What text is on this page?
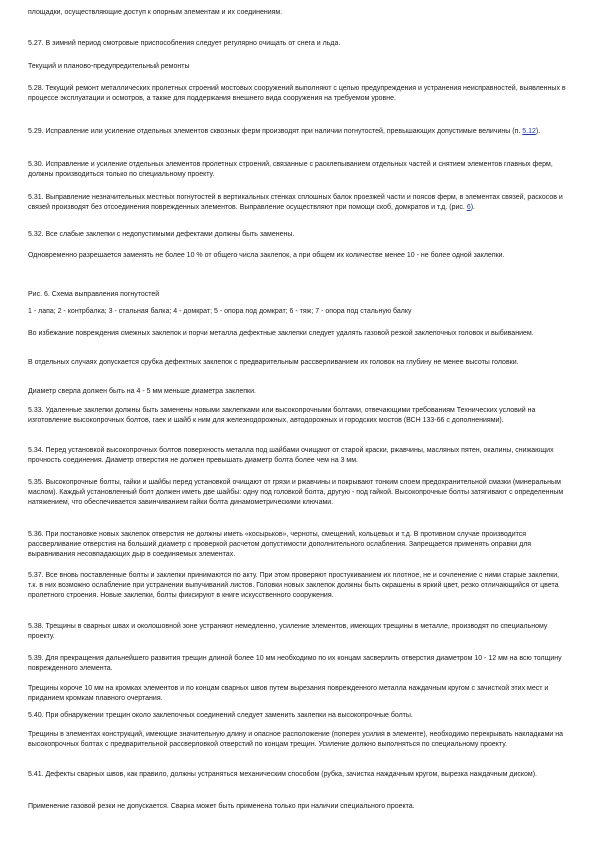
площадки, осуществляющие доступ к опорным элементам и их соединениям.

5.27. В зимний период смотровые приспособления следует регулярно очищать от снега и льда.

Текущий и планово-предупредительный ремонты

5.28. Текущий ремонт металлических пролетных строений мостовых сооружений выполняют с целью предупреждения и устранения неисправностей, выявленных в процессе эксплуатации и осмотров, а также для поддержания внешнего вида сооружения на требуемом уровне.

5.29. Исправление или усиление отдельных элементов сквозных ферм производят при наличии погнутостей, превышающих допустимые величины (п. 5.12).

5.30. Исправление и усиление отдельных элементов пролетных строений, связанные с расклепыванием отдельных частей и снятием элементов главных ферм, должны производиться только по специальному проекту.

5.31. Выправление незначительных местных погнутостей в вертикальных стенках сплошных балок проезжей части и поясов ферм, в элементах связей, раскосов и связей производят без отсоединения поврежденных элементов. Выправление осуществляют при помощи скоб, домкратов и т.д. (рис. 6).

5.32. Все слабые заклепки с недопустимыми дефектами должны быть заменены.

Одновременно разрешается заменять не более 10 % от общего числа заклепок, а при общем их количестве менее 10 - не более одной заклепки.

Рис. 6. Схема выправления погнутостей

1 - лапа; 2 - контрбалка; 3 - стальная балка; 4 - домкрат; 5 - опора под домкрат; 6 - тяж; 7 - опора под стальную балку

Во избежание повреждения смежных заклепок и порчи металла дефектные заклепки следует удалять газовой резкой заклепочных головок и выбиванием.

В отдельных случаях допускается срубка дефектных заклепок с предварительным рассверливанием их головок на глубину не менее высоты головки.

Диаметр сверла должен быть на 4 - 5 мм меньше диаметра заклепки.

5.33. Удаленные заклепки должны быть заменены новыми заклепками или высокопрочными болтами, отвечающими требованиям Технических условий на изготовление высокопрочных болтов, гаек и шайб к ним для железнодорожных, автодорожных и городских мостов (ВСН 133-66 с дополнениями).

5.34. Перед установкой высокопрочных болтов поверхность металла под шайбами очищают от старой краски, ржавчины, масляных пятен, окалины, снижающих прочность соединения. Диаметр отверстия не должен превышать диаметр болта более чем на 3 мм.

5.35. Высокопрочные болты, гайки и шайбы перед установкой очищают от грязи и ржавчины и покрывают тонким слоем предохранительной смазки (минеральным маслом). Каждый установленный болт должен иметь две шайбы: одну под головкой болта, другую - под гайкой. Высокопрочные болты затягивают с определенным натяжением, что обеспечивается завинчиванием гайки болта динамометрическими ключами.

5.36. При постановке новых заклепок отверстия не должны иметь «косырьков», черноты, смещений, кольцевых и т.д. В противном случае производится рассверливание отверстия на больший диаметр с проверкой расчетом допустимости дополнительного ослабления. Запрещается применять оправки для выравнивания несовпадающих дыр в соединяемых элементах.

5.37. Все вновь поставленные болты и заклепки принимаются по акту. При этом проверяют простукиванием их плотное, не и сочленение с ними старые заклепки, т.к. в них возможно ослабление при устранении выпучиваний листов. Головки новых заклепок должны быть окрашены в яркий цвет, резко отличающийся от цвета пролетного строения. Новые заклепки, болты фиксируют в книге искусственного сооружения.

5.38. Трещины в сварных швах и околошовной зоне устраняют немедленно, усиление элементов, имеющих трещины в металле, производят по специальному проекту.

5.39. Для прекращения дальнейшего развития трещин длиной более 10 мм необходимо по их концам засверлить отверстия диаметром 10 - 12 мм на всю толщину поврежденного элемента.

Трещины короче 10 мм на кромках элементов и по концам сварных швов путем вырезания поврежденного металла наждачным кругом с зачисткой этих мест и приданием кромкам плавного очертания.

5.40. При обнаружении трещин около заклепочных соединений следует заменить заклепки на высокопрочные болты.

Трещины в элементах конструкций, имеющие значительную длину и опасное расположение (поперек усилия в элементе), необходимо перекрывать накладками на высокопрочных болтах с предварительной рассверловкой отверстий по концам трещин. Усиление должно выполняться по специальному проекту.

5.41. Дефекты сварных швов, как правило, должны устраняться механическим способом (рубка, зачистка наждачным кругом, вырезка наждачным диском).

Применение газовой резки не допускается. Сварка может быть применена только при наличии специального проекта.
